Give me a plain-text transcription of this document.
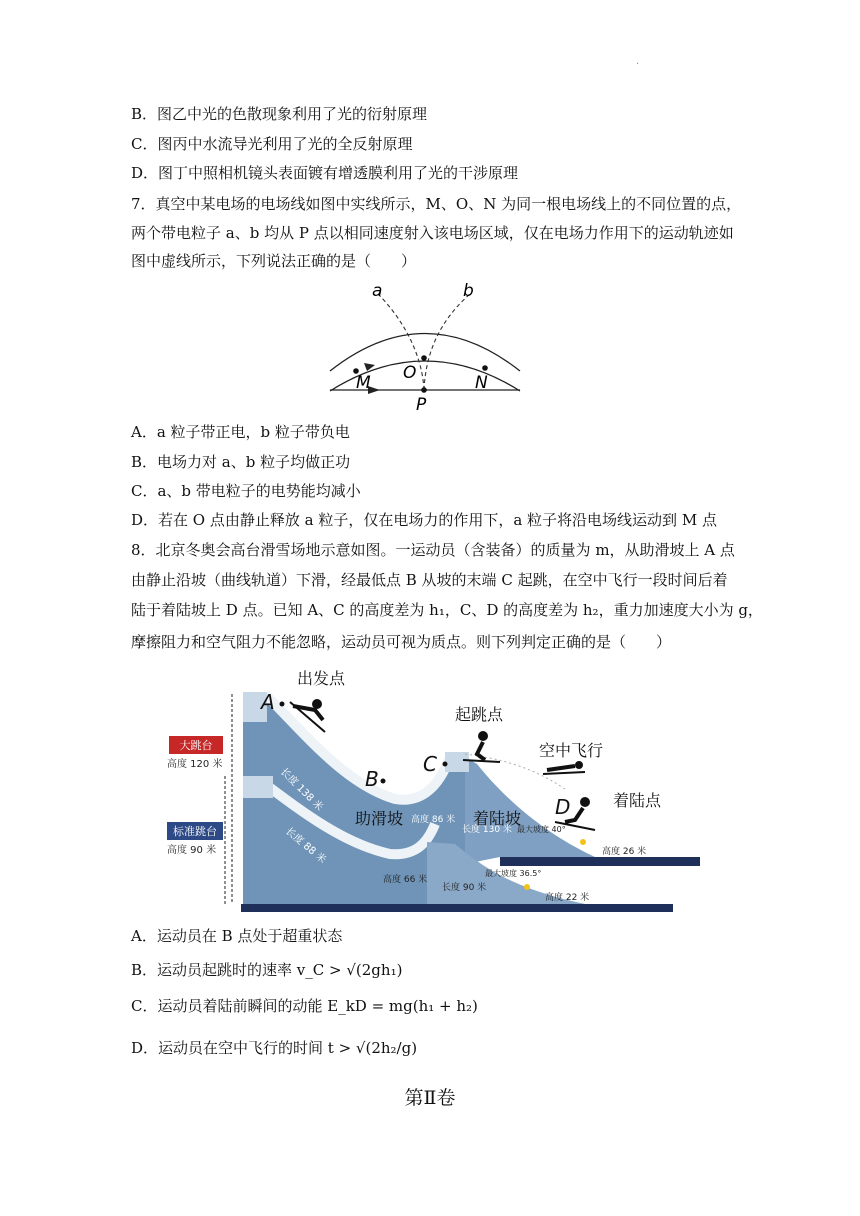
.
B．图乙中光的色散现象利用了光的衍射原理
C．图丙中水流导光利用了光的全反射原理
D．图丁中照相机镜头表面镀有增透膜利用了光的干涉原理
7．真空中某电场的电场线如图中实线所示，M、O、N 为同一根电场线上的不同位置的点，
两个带电粒子 a、b 均从 P 点以相同速度射入该电场区域，仅在电场力作用下的运动轨迹如
图中虚线所示，下列说法正确的是（　　）
a	b
M O	N
P
A．a 粒子带正电，b 粒子带负电
B．电场力对 a、b 粒子均做正功
C．a、b 带电粒子的电势能均减小
D．若在 O 点由静止释放 a 粒子，仅在电场力的作用下，a 粒子将沿电场线运动到 M 点
8．北京冬奥会高台滑雪场地示意如图。一运动员（含装备）的质量为 m，从助滑坡上 A 点
由静止沿坡（曲线轨道）下滑，经最低点 B 从坡的末端 C 起跳，在空中飞行一段时间后着
陆于着陆坡上 D 点。已知 A、C 的高度差为 h₁，C、D 的高度差为 h₂，重力加速度大小为 g，
摩擦阻力和空气阻力不能忽略，运动员可视为质点。则下列判定正确的是（　　）
大跳台
高度 120 米
标准跳台
高度 90 米
长度 138 米
长度 88 米	长度 130 米
长度 90 米
高度 86 米
高度 66 米
高度 26 米
高度 22 米
最大坡度 40°
最大坡度 36.5°
A
出发点
B
C
起跳点
空中飞行
D	着陆点
助滑坡	着陆坡
A．运动员在 B 点处于超重状态
B．运动员起跳时的速率 v_C > √(2gh₁)
C．运动员着陆前瞬间的动能 E_kD = mg(h₁ + h₂)
D．运动员在空中飞行的时间 t > √(2h₂/g)
第Ⅱ卷
